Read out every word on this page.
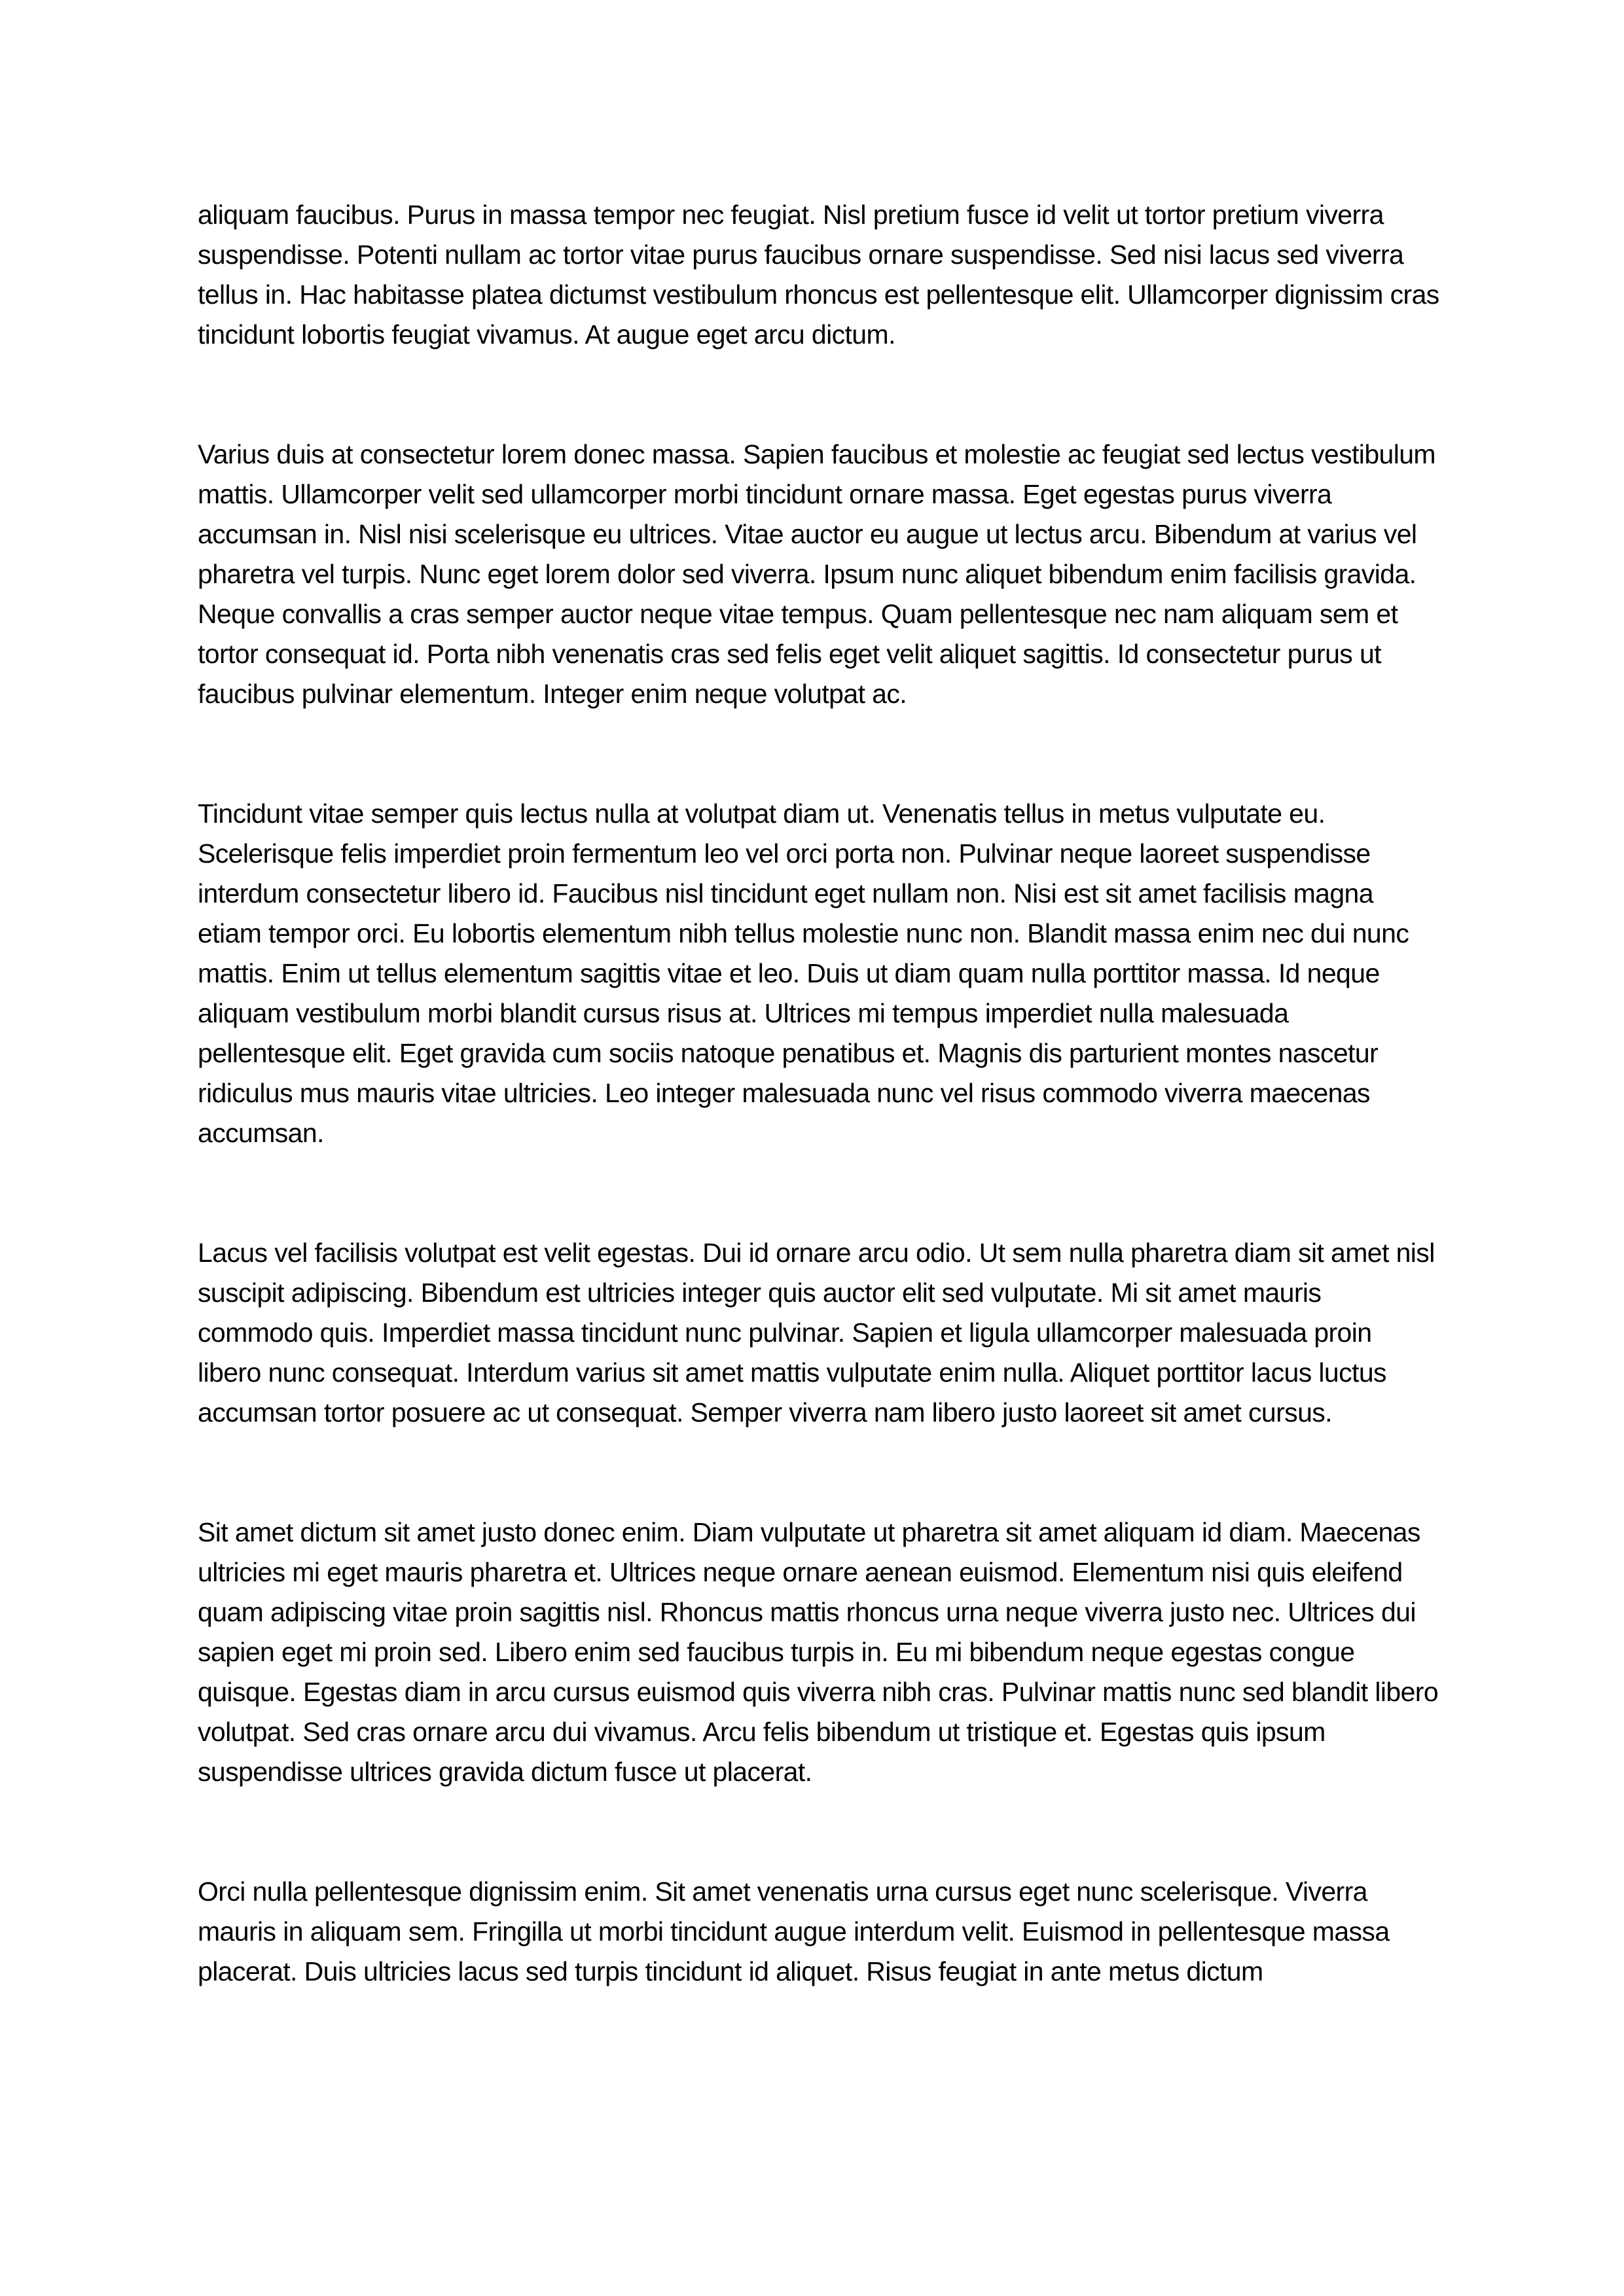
aliquam faucibus. Purus in massa tempor nec feugiat. Nisl pretium fusce id velit ut tortor pretium viverra suspendisse. Potenti nullam ac tortor vitae purus faucibus ornare suspendisse. Sed nisi lacus sed viverra tellus in. Hac habitasse platea dictumst vestibulum rhoncus est pellentesque elit. Ullamcorper dignissim cras tincidunt lobortis feugiat vivamus. At augue eget arcu dictum.

Varius duis at consectetur lorem donec massa. Sapien faucibus et molestie ac feugiat sed lectus vestibulum mattis. Ullamcorper velit sed ullamcorper morbi tincidunt ornare massa. Eget egestas purus viverra accumsan in. Nisl nisi scelerisque eu ultrices. Vitae auctor eu augue ut lectus arcu. Bibendum at varius vel pharetra vel turpis. Nunc eget lorem dolor sed viverra. Ipsum nunc aliquet bibendum enim facilisis gravida. Neque convallis a cras semper auctor neque vitae tempus. Quam pellentesque nec nam aliquam sem et tortor consequat id. Porta nibh venenatis cras sed felis eget velit aliquet sagittis. Id consectetur purus ut faucibus pulvinar elementum. Integer enim neque volutpat ac.

Tincidunt vitae semper quis lectus nulla at volutpat diam ut. Venenatis tellus in metus vulputate eu. Scelerisque felis imperdiet proin fermentum leo vel orci porta non. Pulvinar neque laoreet suspendisse interdum consectetur libero id. Faucibus nisl tincidunt eget nullam non. Nisi est sit amet facilisis magna etiam tempor orci. Eu lobortis elementum nibh tellus molestie nunc non. Blandit massa enim nec dui nunc mattis. Enim ut tellus elementum sagittis vitae et leo. Duis ut diam quam nulla porttitor massa. Id neque aliquam vestibulum morbi blandit cursus risus at. Ultrices mi tempus imperdiet nulla malesuada pellentesque elit. Eget gravida cum sociis natoque penatibus et. Magnis dis parturient montes nascetur ridiculus mus mauris vitae ultricies. Leo integer malesuada nunc vel risus commodo viverra maecenas accumsan.

Lacus vel facilisis volutpat est velit egestas. Dui id ornare arcu odio. Ut sem nulla pharetra diam sit amet nisl suscipit adipiscing. Bibendum est ultricies integer quis auctor elit sed vulputate. Mi sit amet mauris commodo quis. Imperdiet massa tincidunt nunc pulvinar. Sapien et ligula ullamcorper malesuada proin libero nunc consequat. Interdum varius sit amet mattis vulputate enim nulla. Aliquet porttitor lacus luctus accumsan tortor posuere ac ut consequat. Semper viverra nam libero justo laoreet sit amet cursus.

Sit amet dictum sit amet justo donec enim. Diam vulputate ut pharetra sit amet aliquam id diam. Maecenas ultricies mi eget mauris pharetra et. Ultrices neque ornare aenean euismod. Elementum nisi quis eleifend quam adipiscing vitae proin sagittis nisl. Rhoncus mattis rhoncus urna neque viverra justo nec. Ultrices dui sapien eget mi proin sed. Libero enim sed faucibus turpis in. Eu mi bibendum neque egestas congue quisque. Egestas diam in arcu cursus euismod quis viverra nibh cras. Pulvinar mattis nunc sed blandit libero volutpat. Sed cras ornare arcu dui vivamus. Arcu felis bibendum ut tristique et. Egestas quis ipsum suspendisse ultrices gravida dictum fusce ut placerat.

Orci nulla pellentesque dignissim enim. Sit amet venenatis urna cursus eget nunc scelerisque. Viverra mauris in aliquam sem. Fringilla ut morbi tincidunt augue interdum velit. Euismod in pellentesque massa placerat. Duis ultricies lacus sed turpis tincidunt id aliquet. Risus feugiat in ante metus dictum
